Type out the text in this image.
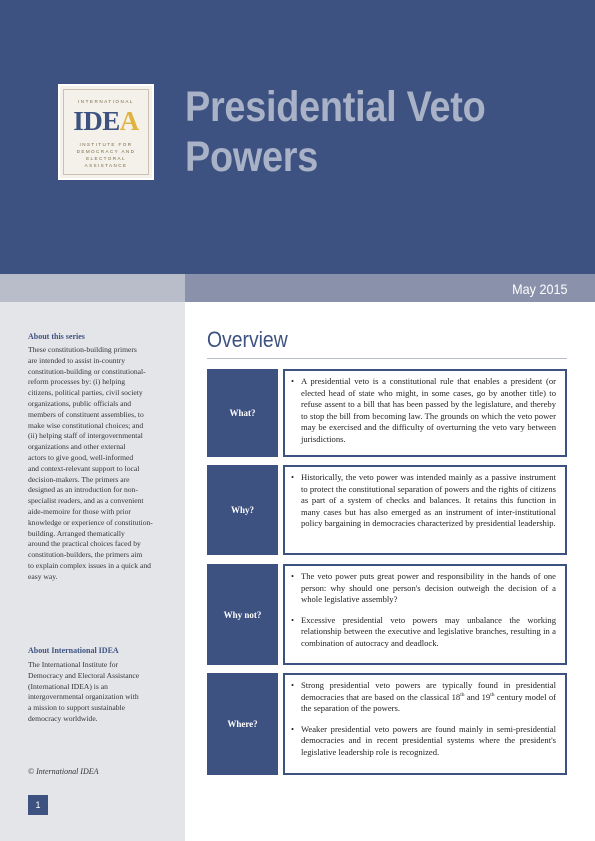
INTERNATIONAL
IDEA
INSTITUTE FOR
DEMOCRACY AND
ELECTORAL
ASSISTANCE
Presidential Veto Powers
May 2015
About this series
These constitution-building primers
are intended to assist in-country
constitution-building or constitutional-
reform processes by: (i) helping
citizens, political parties, civil society
organizations, public officials and
members of constituent assemblies, to
make wise constitutional choices; and
(ii) helping staff of intergovernmental
organizations and other external
actors to give good, well-informed
and context-relevant support to local
decision-makers. The primers are
designed as an introduction for non-
specialist readers, and as a convenient
aide-memoire for those with prior
knowledge or experience of constitution-
building. Arranged thematically
around the practical choices faced by
constitution-builders, the primers aim
to explain complex issues in a quick and
easy way.
About International IDEA
The International Institute for
Democracy and Electoral Assistance
(International IDEA) is an
intergovernmental organization with
a mission to support sustainable
democracy worldwide.
© International IDEA
1
Overview
What?

• A presidential veto is a constitutional rule that enables a president (or elected head of state who might, in some cases, go by another title) to refuse assent to a bill that has been passed by the legislature, and thereby to stop the bill from becoming law. The grounds on which the veto power may be exercised and the difficulty of overturning the veto vary between jurisdictions.

Why?

• Historically, the veto power was intended mainly as a passive instrument to protect the constitutional separation of powers and the rights of citizens as part of a system of checks and balances. It retains this function in many cases but has also emerged as an instrument of inter-institutional policy bargaining in democracies characterized by presidential leadership.

Why not?

• The veto power puts great power and responsibility in the hands of one person: why should one person's decision outweigh the decision of a whole legislative assembly?

• Excessive presidential veto powers may unbalance the working relationship between the executive and legislative branches, resulting in a combination of autocracy and deadlock.

Where?

• Strong presidential veto powers are typically found in presidential democracies that are based on the classical 18th and 19th century model of the separation of the powers.

• Weaker presidential veto powers are found mainly in semi-presidential democracies and in recent presidential systems where the president's legislative leadership role is recognized.
